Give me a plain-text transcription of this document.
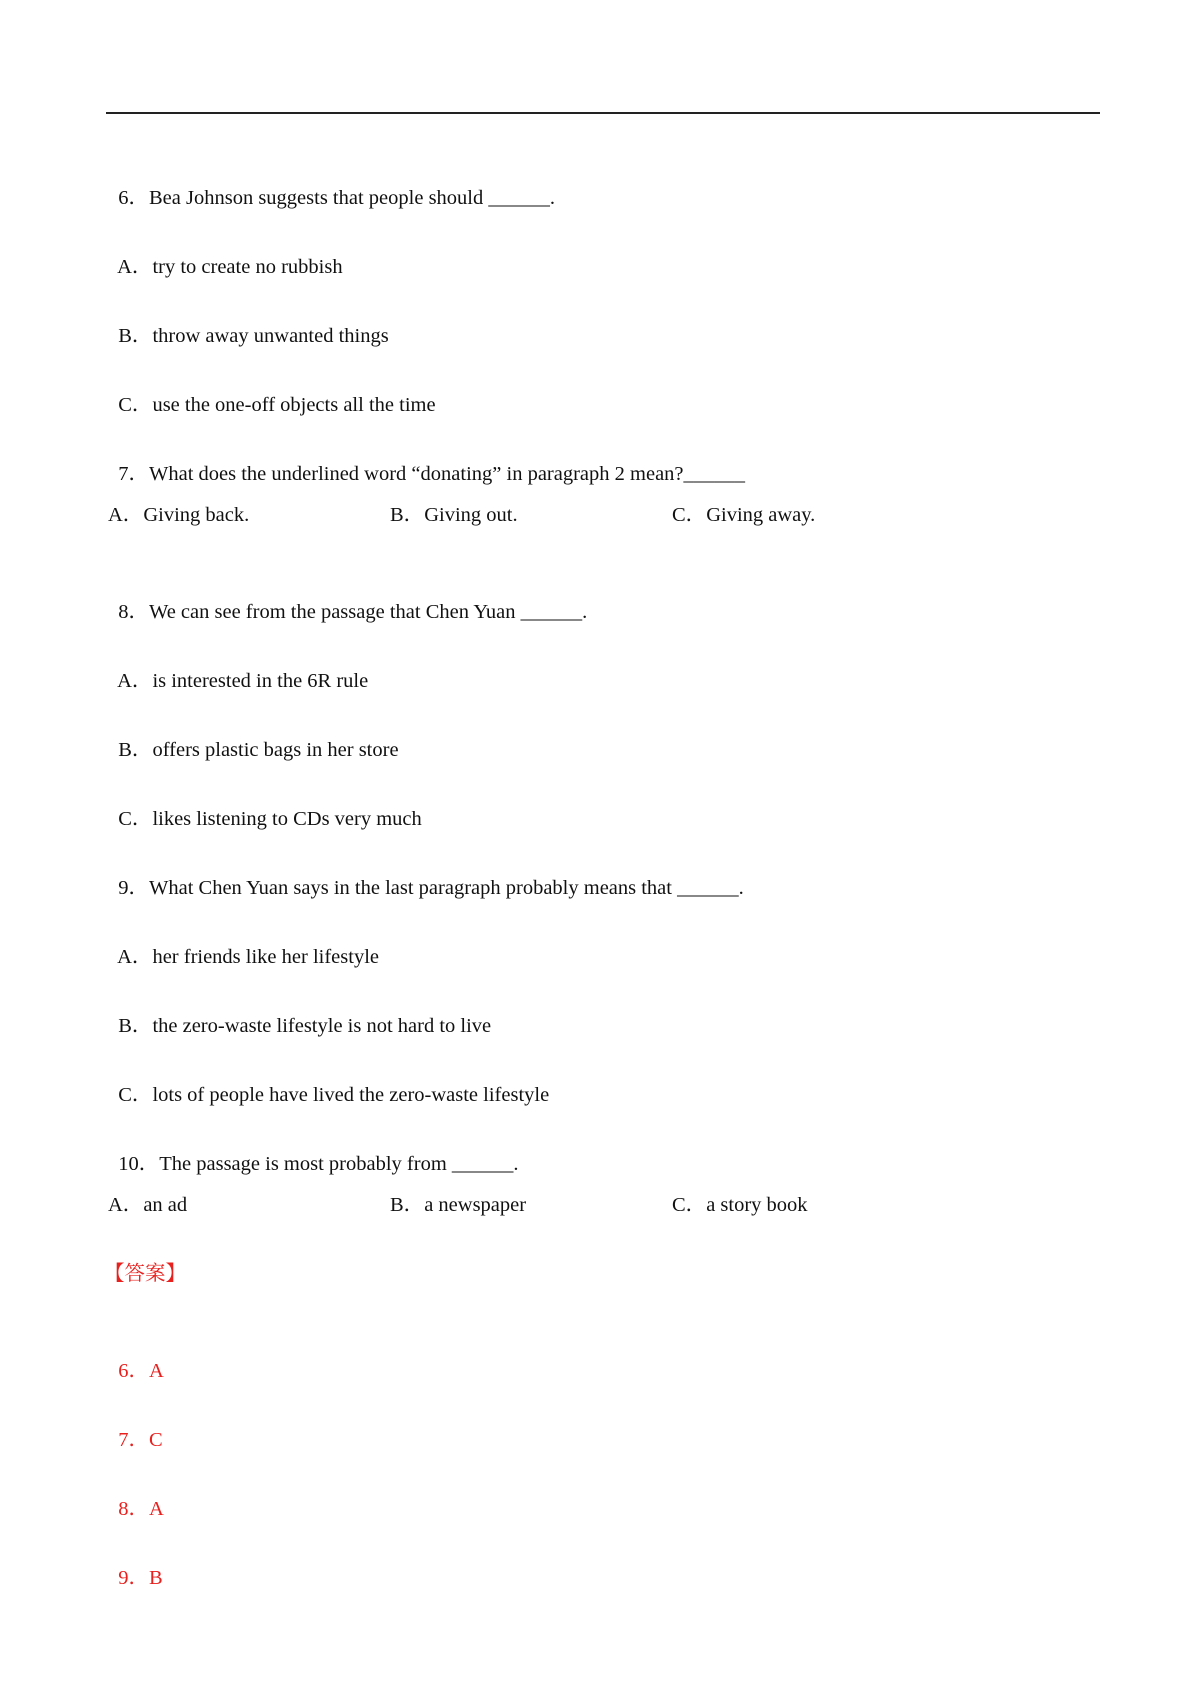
6．Bea Johnson suggests that people should ______.

A．try to create no rubbish

B．throw away unwanted things

C．use the one-off objects all the time

7．What does the underlined word “donating” in paragraph 2 mean?______

A．Giving back.

	B．Giving out.

	C．Giving away.

8．We can see from the passage that Chen Yuan ______.

A．is interested in the 6R rule

B．offers plastic bags in her store

C．likes listening to CDs very much

9．What Chen Yuan says in the last paragraph probably means that ______.

A．her friends like her lifestyle

B．the zero-waste lifestyle is not hard to live

C．lots of people have lived the zero-waste lifestyle

10．The passage is most probably from ______.

A．an ad

	B．a newspaper

	C．a story book

【答案】

6．A

7．C

8．A

9．B
